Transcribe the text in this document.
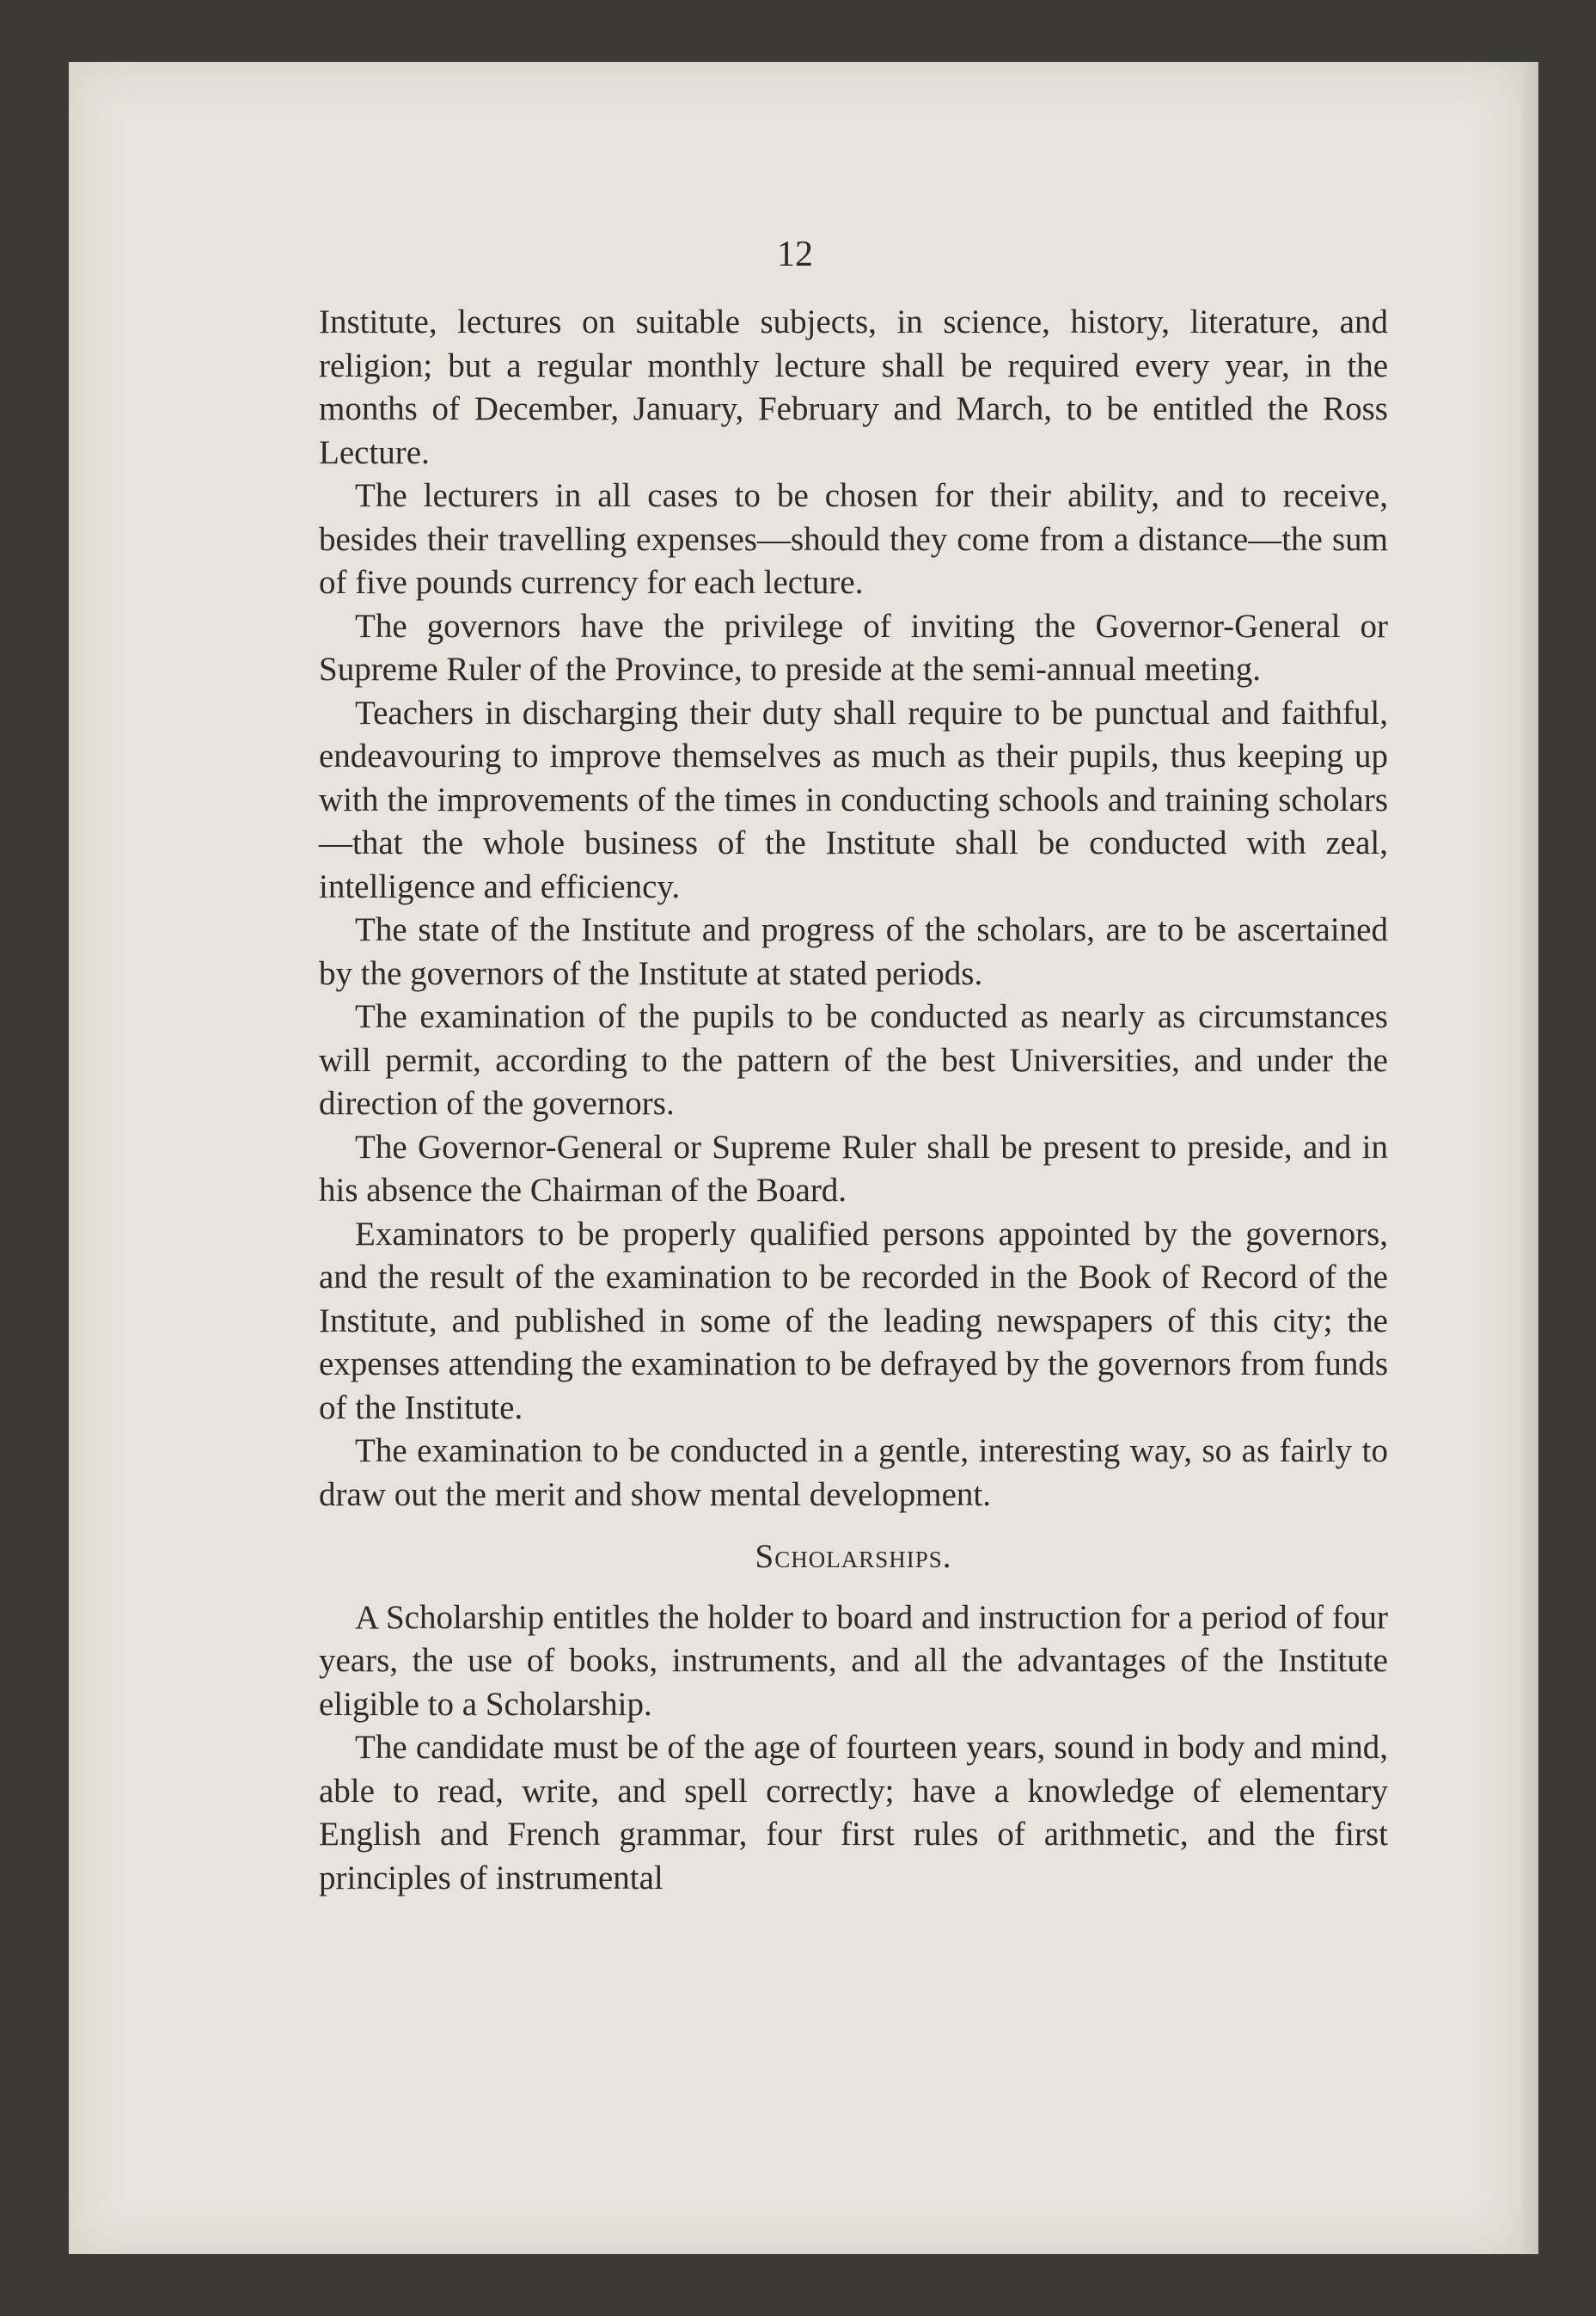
12

Institute, lectures on suitable subjects, in science, history, literature, and religion; but a regular monthly lecture shall be required every year, in the months of December, January, February and March, to be entitled the Ross Lecture.

The lecturers in all cases to be chosen for their ability, and to receive, besides their travelling expenses—should they come from a distance—the sum of five pounds currency for each lecture.

The governors have the privilege of inviting the Governor-General or Supreme Ruler of the Province, to preside at the semi-annual meeting.

Teachers in discharging their duty shall require to be punctual and faithful, endeavouring to improve themselves as much as their pupils, thus keeping up with the improvements of the times in conducting schools and training scholars—that the whole business of the Institute shall be conducted with zeal, intelligence and efficiency.

The state of the Institute and progress of the scholars, are to be ascertained by the governors of the Institute at stated periods.

The examination of the pupils to be conducted as nearly as circumstances will permit, according to the pattern of the best Universities, and under the direction of the governors.

The Governor-General or Supreme Ruler shall be present to preside, and in his absence the Chairman of the Board.

Examinators to be properly qualified persons appointed by the governors, and the result of the examination to be recorded in the Book of Record of the Institute, and published in some of the leading newspapers of this city; the expenses attending the examination to be defrayed by the governors from funds of the Institute.

The examination to be conducted in a gentle, interesting way, so as fairly to draw out the merit and show mental development.

Scholarships.

A Scholarship entitles the holder to board and instruction for a period of four years, the use of books, instruments, and all the advantages of the Institute eligible to a Scholarship.

The candidate must be of the age of fourteen years, sound in body and mind, able to read, write, and spell correctly; have a knowledge of elementary English and French grammar, four first rules of arithmetic, and the first principles of instrumental
